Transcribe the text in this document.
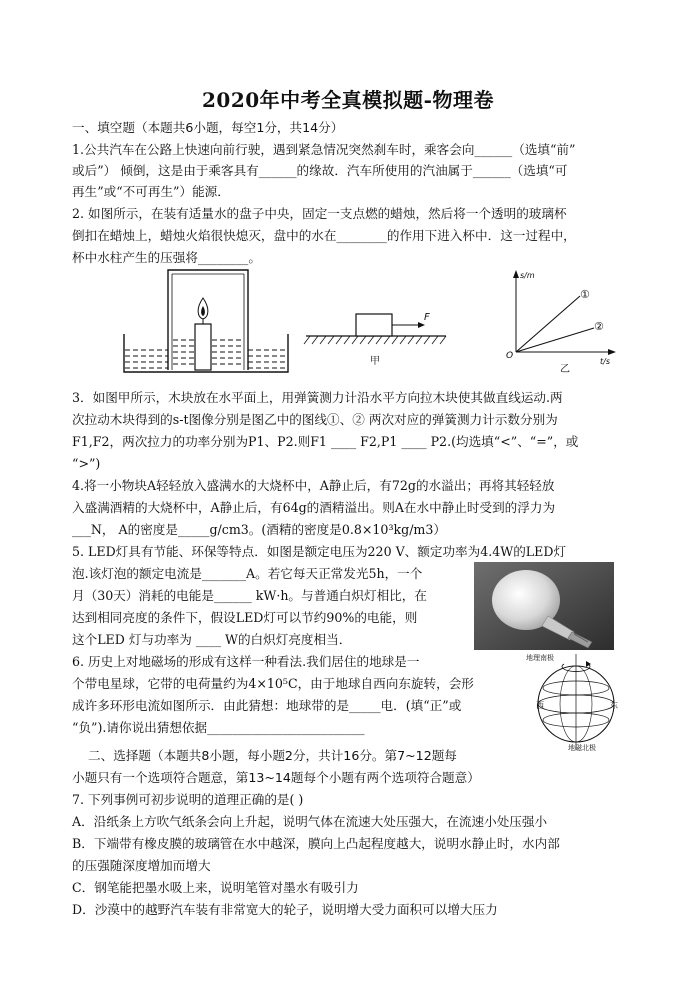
2020年中考全真模拟题-物理卷
一、填空题（本题共6小题，每空1分，共14分）
1.公共汽车在公路上快速向前行驶，遇到紧急情况突然刹车时，乘客会向______（选填“前”
或后”） 倾倒，这是由于乘客具有______的缘故．汽车所使用的汽油属于______（选填“可
再生”或“不可再生”）能源．
2. 如图所示，在装有适量水的盘子中央，固定一支点燃的蜡烛，然后将一个透明的玻璃杯
倒扣在蜡烛上，蜡烛火焰很快熄灭，盘中的水在________的作用下进入杯中．这一过程中，
杯中水柱产生的压强将________。
F
甲
s/m
t/s
O
①
②
乙
3．如图甲所示，木块放在水平面上，用弹簧测力计沿水平方向拉木块使其做直线运动.两
次拉动木块得到的s-t图像分别是图乙中的图线①、② 两次对应的弹簧测力计示数分别为
F1,F2，两次拉力的功率分别为P1、P2.则F1 ____ F2,P1 ____ P2.(均选填“<”、“=”，或
“>”)
4.将一小物块A轻轻放入盛满水的大烧杯中，A静止后，有72g的水溢出；再将其轻轻放
入盛满酒精的大烧杯中，A静止后，有64g的酒精溢出。则A在水中静止时受到的浮力为
___N， A的密度是_____g/cm3。(酒精的密度是0.8×10³kg/m3）
5. LED灯具有节能、环保等特点．如图是额定电压为220 V、额定功率为4.4W的LED灯
泡.该灯泡的额定电流是_______A。若它每天正常发光5h，一个
月（30天）消耗的电能是______ kW·h。与普通白炽灯相比，在
达到相同亮度的条件下，假设LED灯可以节约90%的电能，则
这个LED 灯与功率为 ____ W的白炽灯亮度相当．
6. 历史上对地磁场的形成有这样一种看法.我们居住的地球是一
个带电星球，它带的电荷量约为4×10⁵C，由于地球自西向东旋转，会形
成许多环形电流如图所示．由此猜想：地球带的是_____电．(填“正”或
“负”).请你说出猜想依据_________________________
地理南极
西	东
地磁北极
二、选择题（本题共8小题，每小题2分，共计16分。第7~12题每
小题只有一个选项符合题意，第13~14题每个小题有两个选项符合题意）
7. 下列事例可初步说明的道理正确的是( )
A．沿纸条上方吹气纸条会向上升起，说明气体在流速大处压强大，在流速小处压强小
B．下端带有橡皮膜的玻璃管在水中越深，膜向上凸起程度越大，说明水静止时，水内部
的压强随深度增加而增大
C．钢笔能把墨水吸上来，说明笔管对墨水有吸引力
D．沙漠中的越野汽车装有非常宽大的轮子，说明增大受力面积可以增大压力
